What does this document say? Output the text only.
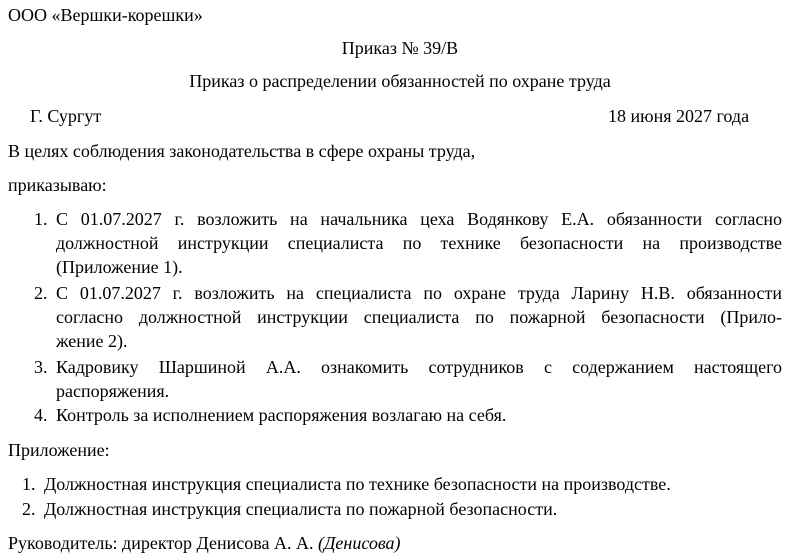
ООО «Вершки-корешки»
Приказ № 39/В
Приказ о распределении обязанностей по охране труда
Г. Сургут	18 июня 2027 года
В целях соблюдения законодательства в сфере охраны труда,
приказываю:
1. С 01.07.2027 г. возложить на начальника цеха Водянкову Е.А. обязанности согласно
должностной инструкции специалиста по технике безопасности на производстве
(Приложение 1).
2. С 01.07.2027 г. возложить на специалиста по охране труда Ларину Н.В. обязанности
согласно должностной инструкции специалиста по пожарной безопасности (Прило-
жение 2).
3. Кадровику Шаршиной А.А. ознакомить сотрудников с содержанием настоящего
распоряжения.
4. Контроль за исполнением распоряжения возлагаю на себя.
Приложение:
1. Должностная инструкция специалиста по технике безопасности на производстве.
2. Должностная инструкция специалиста по пожарной безопасности.
Руководитель: директор Денисова А. А. (Денисова)
